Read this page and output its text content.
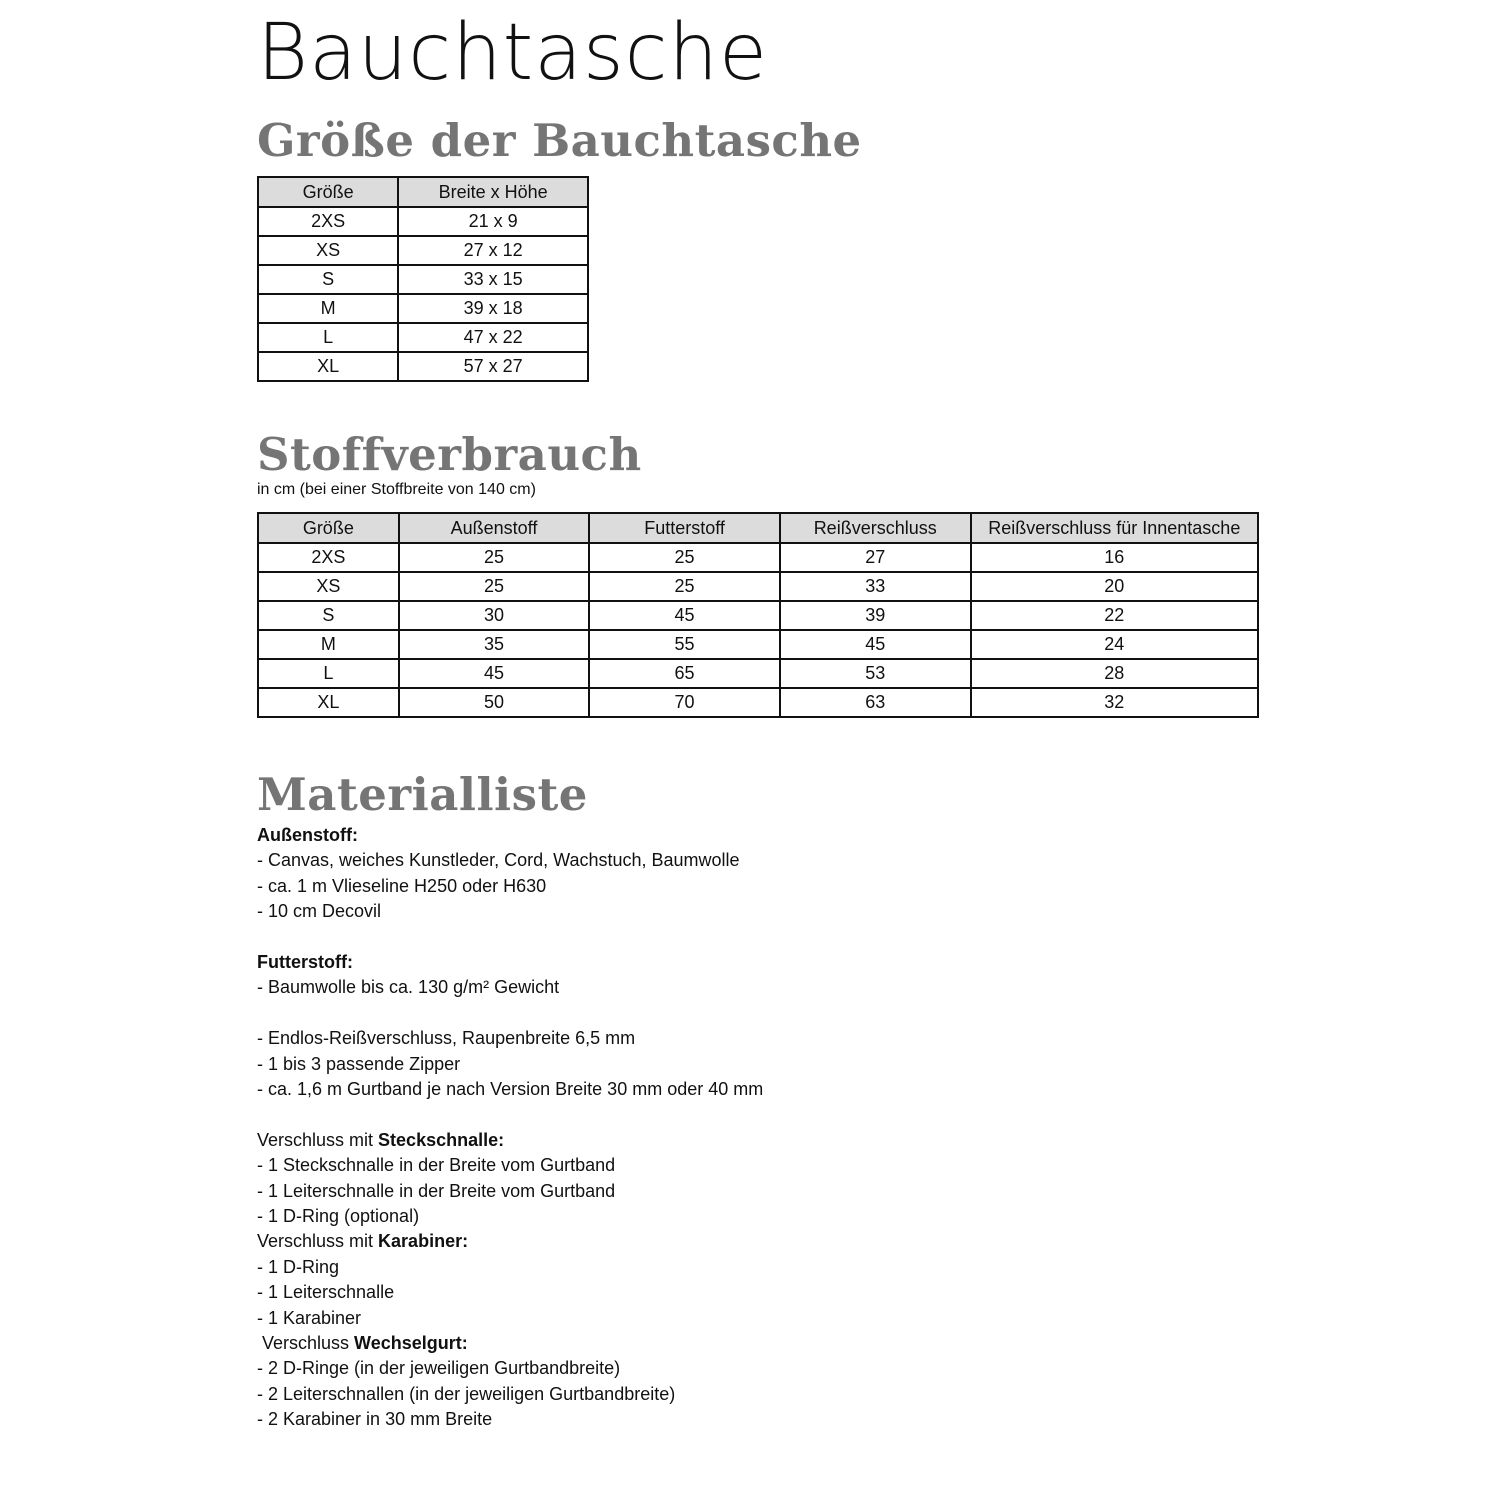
Bauchtasche
Größe der Bauchtasche
Größe	Breite x Höhe
2XS	21 x 9
XS	27 x 12
S	33 x 15
M	39 x 18
L	47 x 22
XL	57 x 27
Stoffverbrauch

in cm (bei einer Stoffbreite von 140 cm)

Größe	Außenstoff	Futterstoff	Reißverschluss	Reißverschluss für Innentasche
2XS	25	25	27	16
XS	25	25	33	20
S	30	45	39	22
M	35	55	45	24
L	45	65	53	28
XL	50	70	63	32
Materialliste

Außenstoff:

- Canvas, weiches Kunstleder, Cord, Wachstuch, Baumwolle

- ca. 1 m Vlieseline H250 oder H630

- 10 cm Decovil

Futterstoff:

- Baumwolle bis ca. 130 g/m² Gewicht

- Endlos-Reißverschluss, Raupenbreite 6,5 mm

- 1 bis 3 passende Zipper

- ca. 1,6 m Gurtband je nach Version Breite 30 mm oder 40 mm

Verschluss mit Steckschnalle:

- 1 Steckschnalle in der Breite vom Gurtband

- 1 Leiterschnalle in der Breite vom Gurtband

- 1 D-Ring (optional)

Verschluss mit Karabiner:

- 1 D-Ring

- 1 Leiterschnalle

- 1 Karabiner

Verschluss Wechselgurt:

- 2 D-Ringe (in der jeweiligen Gurtbandbreite)

- 2 Leiterschnallen (in der jeweiligen Gurtbandbreite)

- 2 Karabiner in 30 mm Breite
